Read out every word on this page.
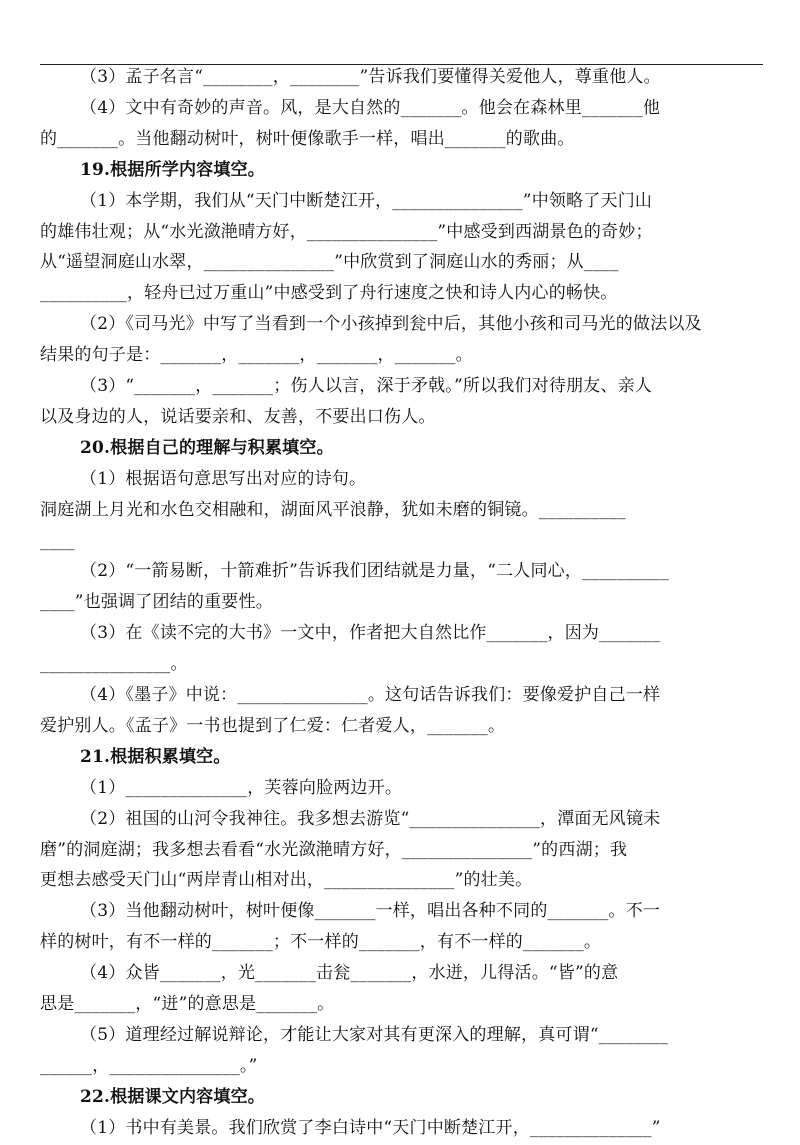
（3）孟子名言“________，________”告诉我们要懂得关爱他人，尊重他人。
（4）文中有奇妙的声音。风，是大自然的_______。他会在森林里_______他
的_______。当他翻动树叶，树叶便像歌手一样，唱出_______的歌曲。
19.根据所学内容填空。
（1）本学期，我们从“天门中断楚江开，_______________”中领略了天门山
的雄伟壮观；从“水光潋滟晴方好，_______________”中感受到西湖景色的奇妙；
从“遥望洞庭山水翠，_______________”中欣赏到了洞庭山水的秀丽；从____
__________，轻舟已过万重山”中感受到了舟行速度之快和诗人内心的畅快。
（2）《司马光》中写了当看到一个小孩掉到瓮中后，其他小孩和司马光的做法以及
结果的句子是：_______，_______，_______，_______。
（3）“_______，_______；伤人以言，深于矛戟。”所以我们对待朋友、亲人
以及身边的人，说话要亲和、友善，不要出口伤人。
20.根据自己的理解与积累填空。
（1）根据语句意思写出对应的诗句。
洞庭湖上月光和水色交相融和，湖面风平浪静，犹如未磨的铜镜。__________
____
（2）“一箭易断，十箭难折”告诉我们团结就是力量，“二人同心，__________
____”也强调了团结的重要性。
（3）在《读不完的大书》一文中，作者把大自然比作_______，因为_______
_______________。
（4）《墨子》中说：_______________。这句话告诉我们：要像爱护自己一样
爱护别人。《孟子》一书也提到了仁爱：仁者爱人，_______。
21.根据积累填空。
（1）______________，芙蓉向脸两边开。
（2）祖国的山河令我神往。我多想去游览“_______________，潭面无风镜未
磨”的洞庭湖；我多想去看看“水光潋滟晴方好，_______________”的西湖；我
更想去感受天门山“两岸青山相对出，_______________”的壮美。
（3）当他翻动树叶，树叶便像_______一样，唱出各种不同的_______。不一
样的树叶，有不一样的_______；不一样的_______，有不一样的_______。
（4）众皆_______，光_______击瓮_______，水迸，儿得活。“皆”的意
思是_______，“迸”的意思是_______。
（5）道理经过解说辩论，才能让大家对其有更深入的理解，真可谓“________
______，_______________。”
22.根据课文内容填空。
（1）书中有美景。我们欣赏了李白诗中“天门中断楚江开，______________”
